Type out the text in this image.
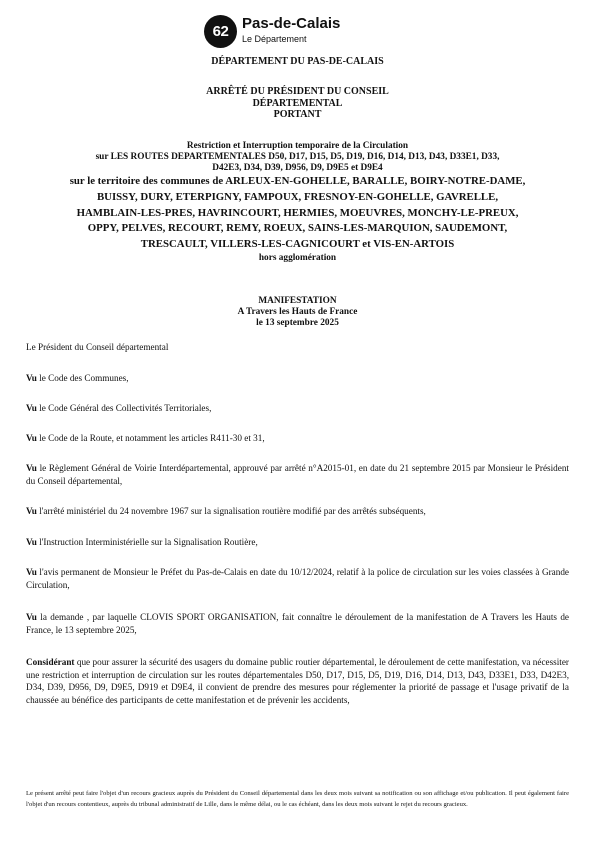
62 Pas-de-Calais
Le Département
DÉPARTEMENT DU PAS-DE-CALAIS
ARRÊTÉ DU PRÉSIDENT DU CONSEIL
DÉPARTEMENTAL
PORTANT
Restriction et Interruption temporaire de la Circulation
sur LES ROUTES DEPARTEMENTALES D50, D17, D15, D5, D19, D16, D14, D13, D43, D33E1, D33,
D42E3, D34, D39, D956, D9, D9E5 et D9E4
sur le territoire des communes de ARLEUX-EN-GOHELLE, BARALLE, BOIRY-NOTRE-DAME,
BUISSY, DURY, ETERPIGNY, FAMPOUX, FRESNOY-EN-GOHELLE, GAVRELLE,
HAMBLAIN-LES-PRES, HAVRINCOURT, HERMIES, MOEUVRES, MONCHY-LE-PREUX,
OPPY, PELVES, RECOURT, REMY, ROEUX, SAINS-LES-MARQUION, SAUDEMONT,
TRESCAULT, VILLERS-LES-CAGNICOURT et VIS-EN-ARTOIS
hors agglomération
MANIFESTATION
A Travers les Hauts de France
le 13 septembre 2025
Le Président du Conseil départemental
Vu le Code des Communes,
Vu le Code Général des Collectivités Territoriales,
Vu le Code de la Route, et notamment les articles R411-30 et 31,
Vu le Règlement Général de Voirie Interdépartemental, approuvé par arrêté n°A2015-01, en date du 21 septembre 2015 par Monsieur le Président du Conseil départemental,
Vu l'arrêté ministériel du 24 novembre 1967 sur la signalisation routière modifié par des arrêtés subséquents,
Vu l'Instruction Interministérielle sur la Signalisation Routière,
Vu l'avis permanent de Monsieur le Préfet du Pas-de-Calais en date du 10/12/2024, relatif à la police de circulation sur les voies classées à Grande Circulation,
Vu la demande , par laquelle CLOVIS SPORT ORGANISATION, fait connaître le déroulement de la manifestation de A Travers les Hauts de France, le 13 septembre 2025,
Considérant que pour assurer la sécurité des usagers du domaine public routier départemental, le déroulement de cette manifestation, va nécessiter une restriction et interruption de circulation sur les routes départementales D50, D17, D15, D5, D19, D16, D14, D13, D43, D33E1, D33, D42E3, D34, D39, D956, D9, D9E5, D919 et D9E4, il convient de prendre des mesures pour réglementer la priorité de passage et l'usage privatif de la chaussée au bénéfice des participants de cette manifestation et de prévenir les accidents,
Le présent arrêté peut faire l'objet d'un recours gracieux auprès du Président du Conseil départemental dans les deux mois suivant sa notification ou son affichage et/ou publication. Il peut également faire l'objet d'un recours contentieux, auprès du tribunal administratif de Lille, dans le même délai, ou le cas échéant, dans les deux mois suivant le rejet du recours gracieux.
